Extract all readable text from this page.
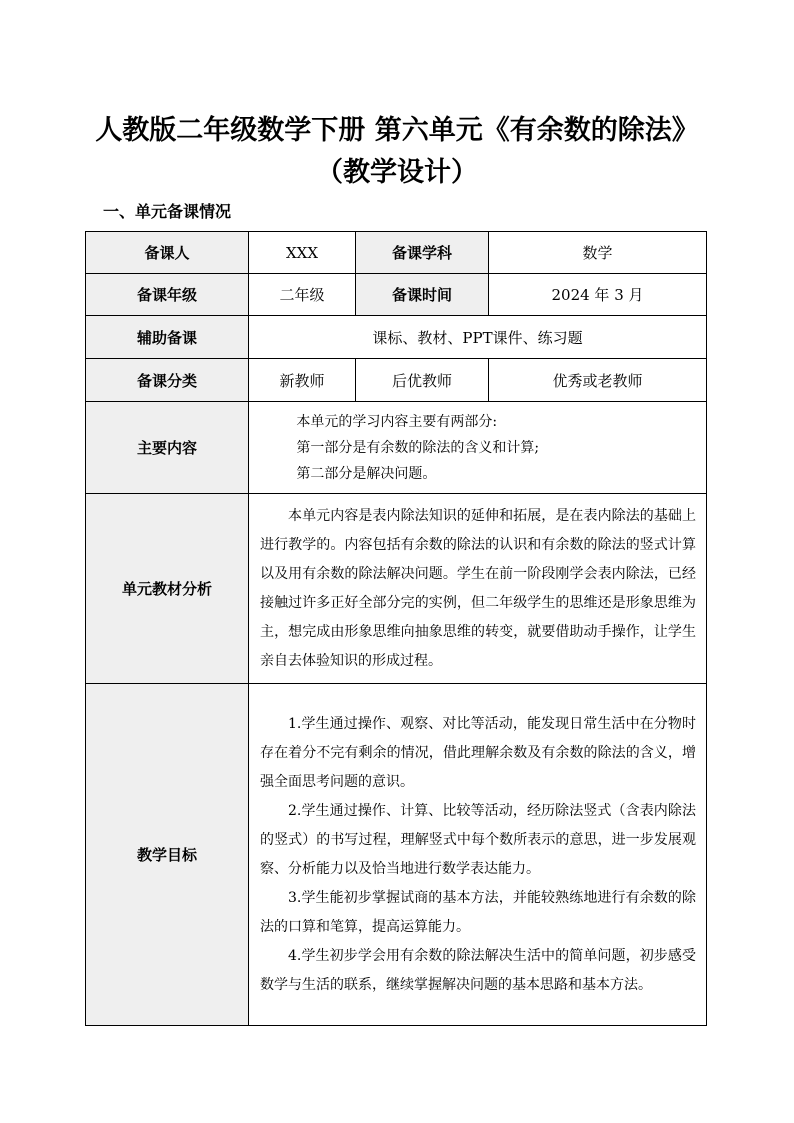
人教版二年级数学下册 第六单元《有余数的除法》
（教学设计）
一、单元备课情况
备课人	XXX	备课学科	数学
备课年级	二年级	备课时间	2024 年 3 月
辅助备课	课标、教材、PPT课件、练习题		
备课分类	新教师	后优教师	优秀或老教师
主要内容	本单元的学习内容主要有两部分:

第一部分是有余数的除法的含义和计算;

第二部分是解决问题。		

单元教材分析	本单元内容是表内除法知识的延伸和拓展，是在表内除法的基础上进行教学的。内容包括有余数的除法的认识和有余数的除法的竖式计算以及用有余数的除法解决问题。学生在前一阶段刚学会表内除法，已经接触过许多正好全部分完的实例，但二年级学生的思维还是形象思维为主，想完成由形象思维向抽象思维的转变，就要借助动手操作，让学生亲自去体验知识的形成过程。		

教学目标	1.学生通过操作、观察、对比等活动，能发现日常生活中在分物时存在着分不完有剩余的情况，借此理解余数及有余数的除法的含义，增强全面思考问题的意识。

2.学生通过操作、计算、比较等活动，经历除法竖式（含表内除法的竖式）的书写过程，理解竖式中每个数所表示的意思，进一步发展观察、分析能力以及恰当地进行数学表达能力。

3.学生能初步掌握试商的基本方法，并能较熟练地进行有余数的除法的口算和笔算，提高运算能力。

4.学生初步学会用有余数的除法解决生活中的简单问题，初步感受数学与生活的联系，继续掌握解决问题的基本思路和基本方法。		
